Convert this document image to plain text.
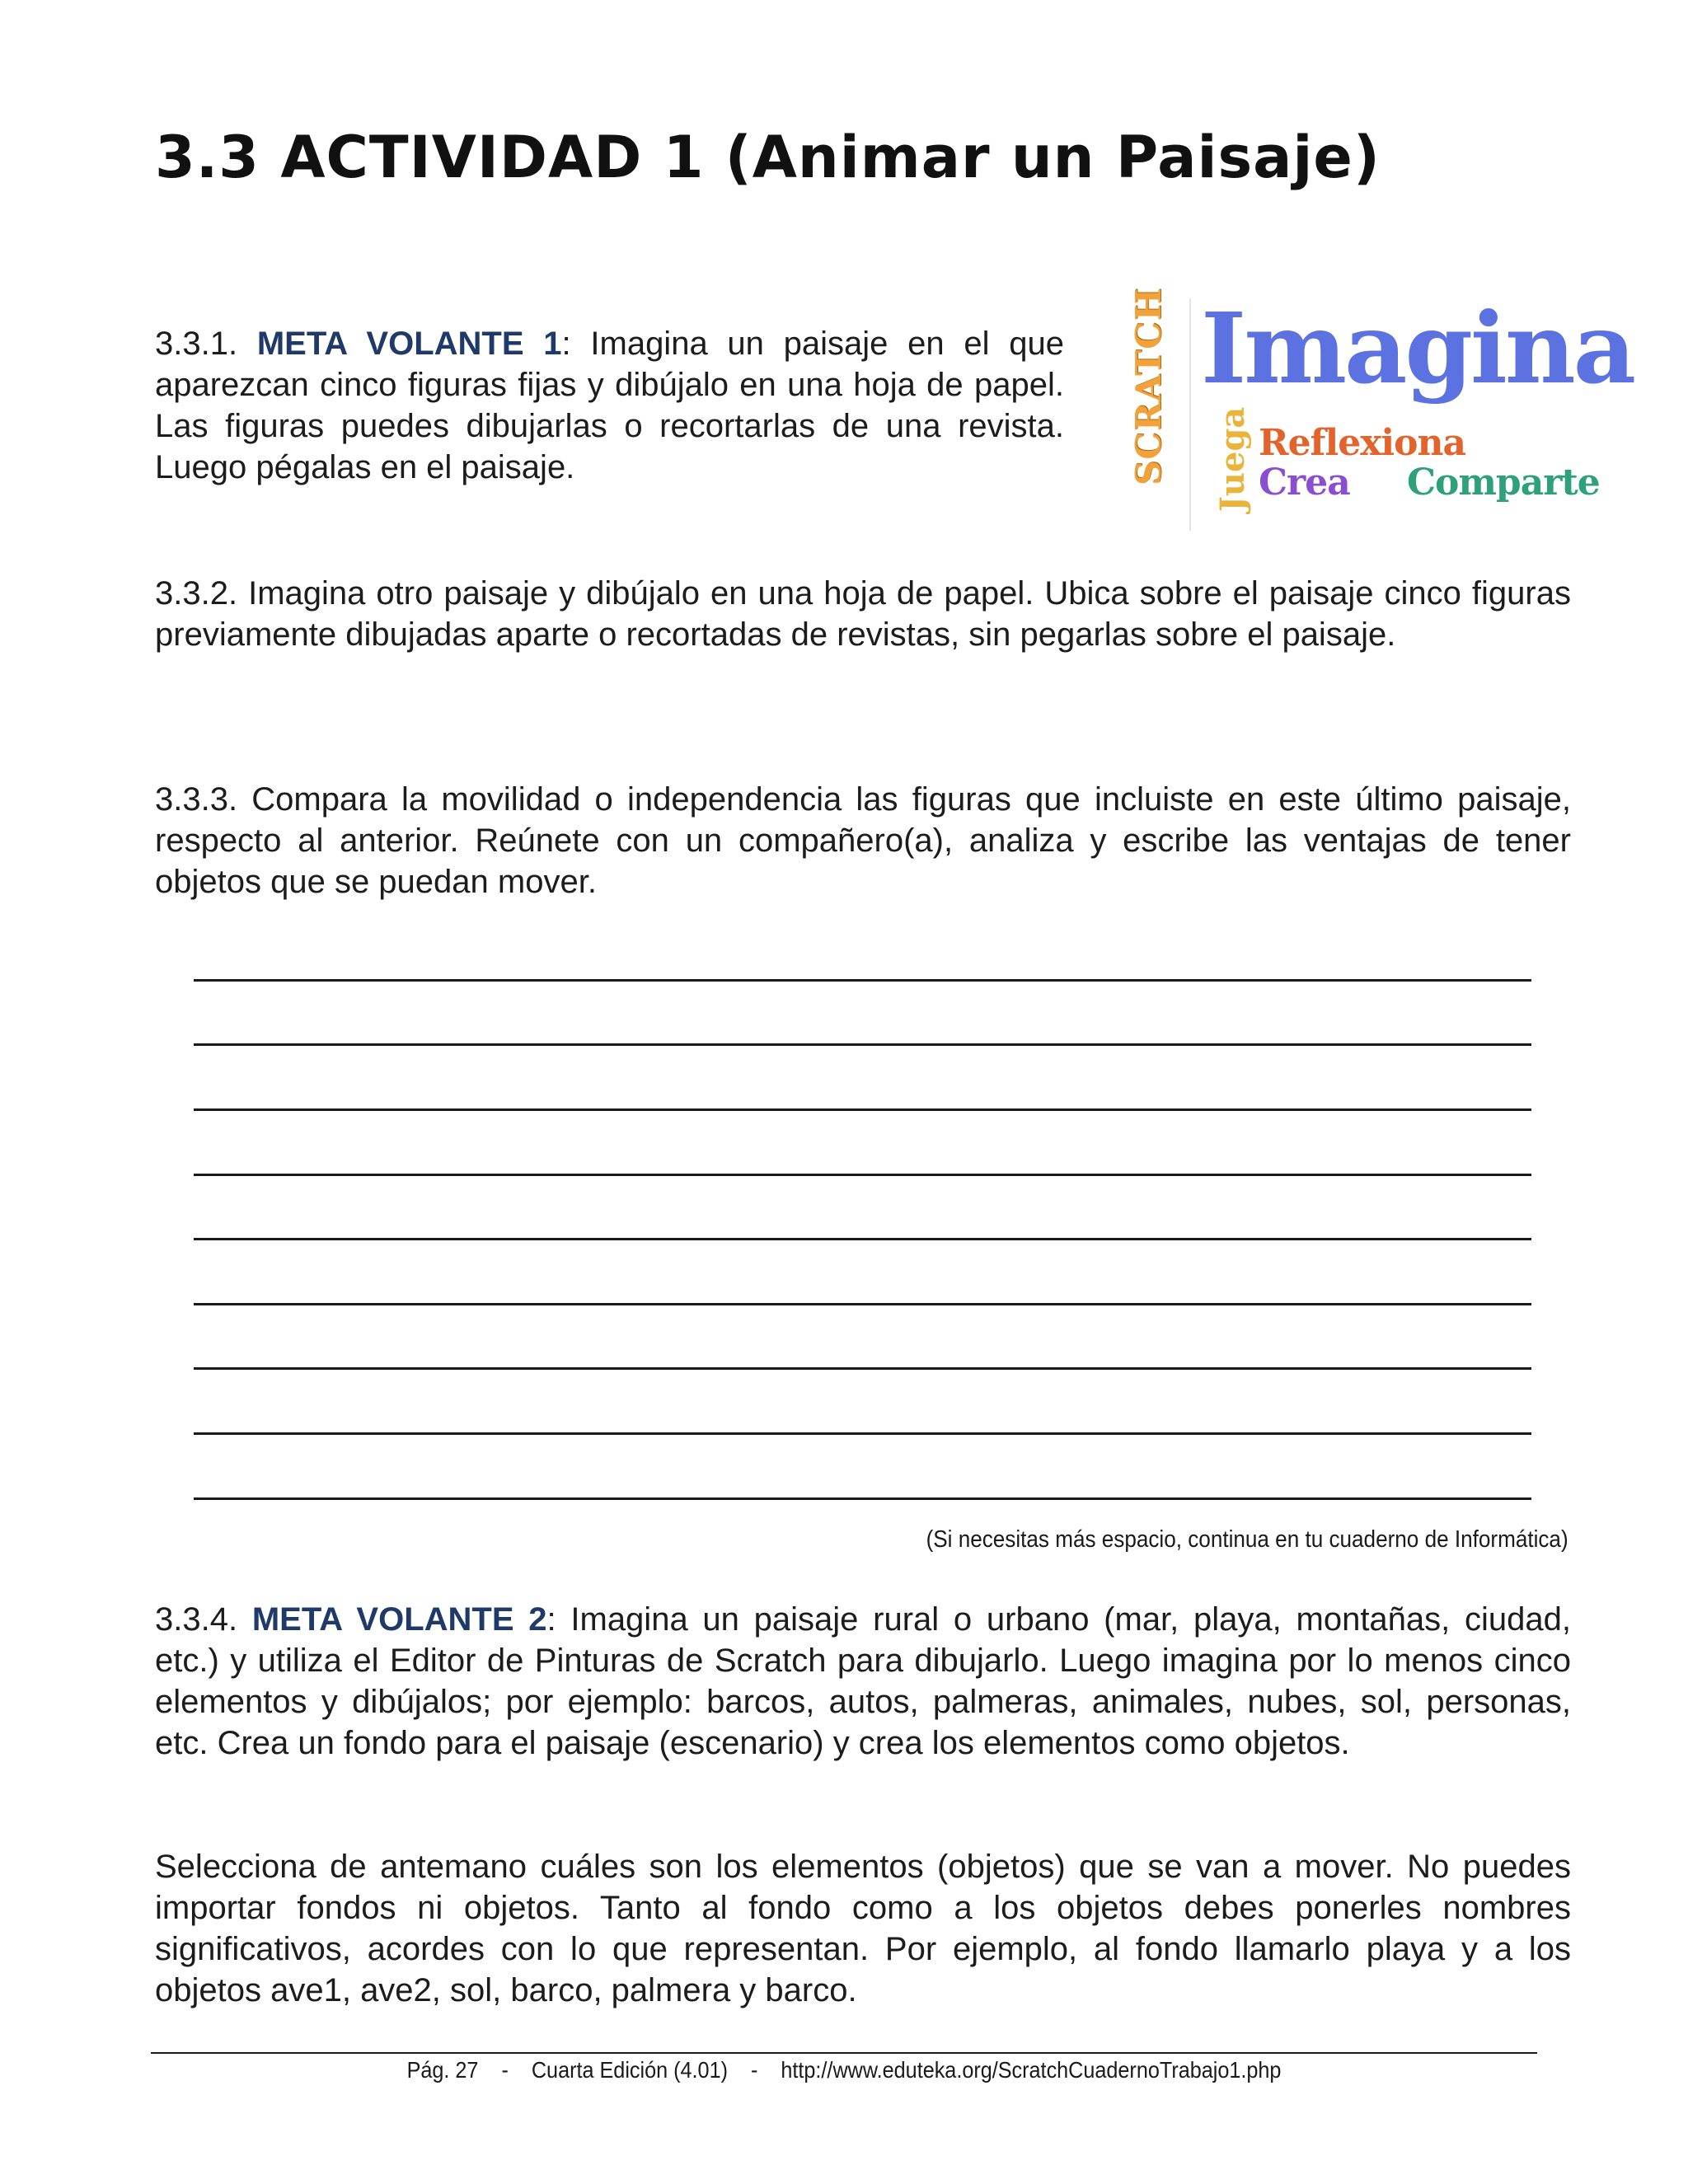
3.3 ACTIVIDAD 1 (Animar un Paisaje)

3.3.1. META VOLANTE 1: Imagina un paisaje en el que aparezcan cinco figuras fijas y dibújalo en una hoja de papel. Las figuras puedes dibujarlas o recortarlas de una revista. Luego pégalas en el paisaje.	SCRATCH Imagina
Juega Reflexiona
Crea Comparte

3.3.2. Imagina otro paisaje y dibújalo en una hoja de papel. Ubica sobre el paisaje cinco figuras previamente dibujadas aparte o recortadas de revistas, sin pegarlas sobre el paisaje.

3.3.3. Compara la movilidad o independencia las figuras que incluiste en este último paisaje, respecto al anterior. Reúnete con un compañero(a), analiza y escribe las ventajas de tener objetos que se puedan mover.

(Si necesitas más espacio, continua en tu cuaderno de Informática)

3.3.4. META VOLANTE 2: Imagina un paisaje rural o urbano (mar, playa, montañas, ciudad, etc.) y utiliza el Editor de Pinturas de Scratch para dibujarlo. Luego imagina por lo menos cinco elementos y dibújalos; por ejemplo: barcos, autos, palmeras, animales, nubes, sol, personas, etc. Crea un fondo para el paisaje (escenario) y crea los elementos como objetos.

Selecciona de antemano cuáles son los elementos (objetos) que se van a mover. No puedes importar fondos ni objetos. Tanto al fondo como a los objetos debes ponerles nombres significativos, acordes con lo que representan. Por ejemplo, al fondo llamarlo playa y a los objetos ave1, ave2, sol, barco, palmera y barco.

Pág. 27 - Cuarta Edición (4.01) - http://www.eduteka.org/ScratchCuadernoTrabajo1.php
